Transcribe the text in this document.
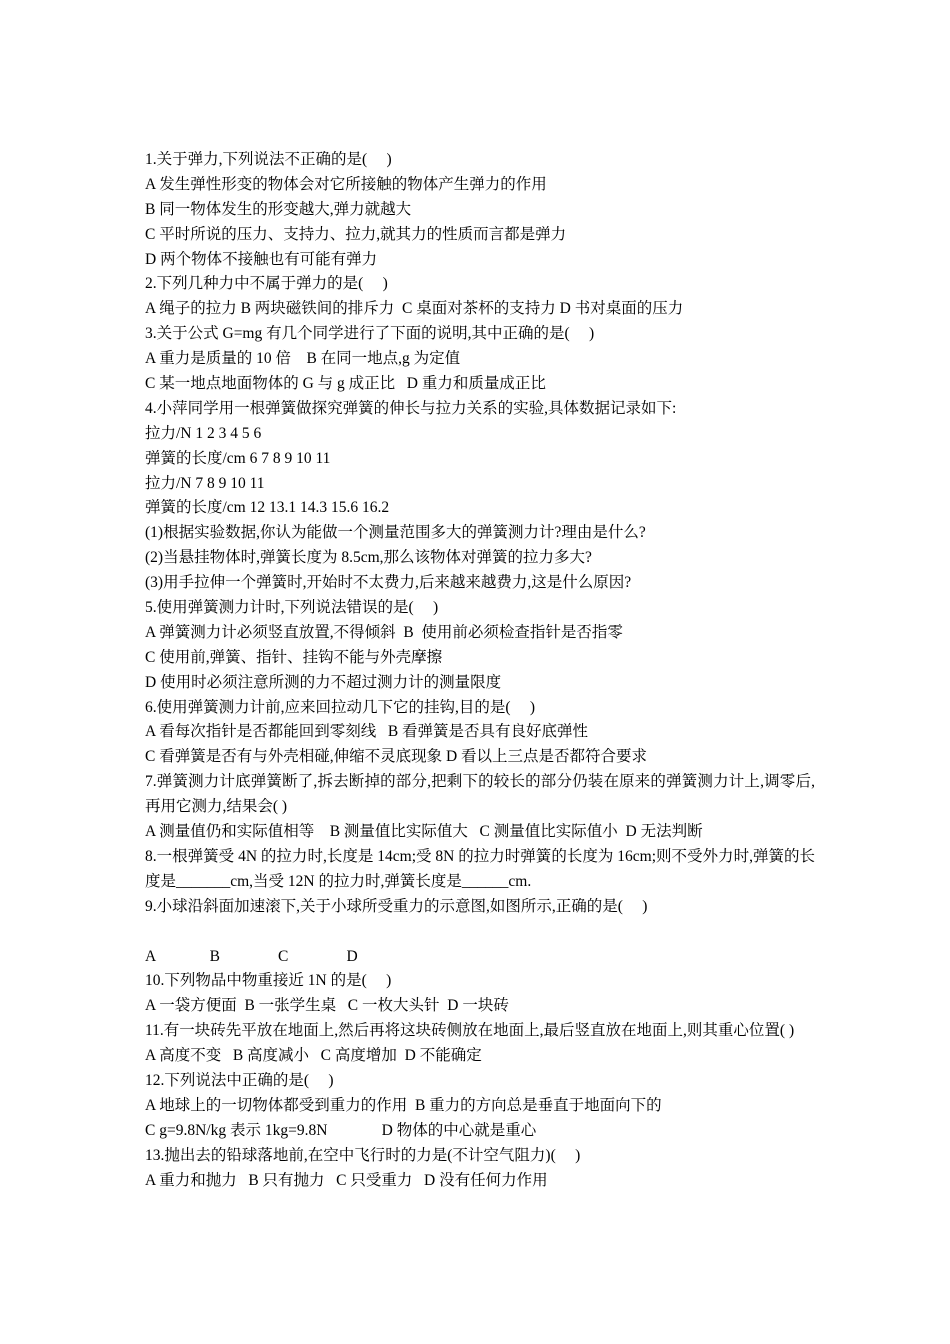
1.关于弹力,下列说法不正确的是(     )
A 发生弹性形变的物体会对它所接触的物体产生弹力的作用
B 同一物体发生的形变越大,弹力就越大
C 平时所说的压力、支持力、拉力,就其力的性质而言都是弹力
D 两个物体不接触也有可能有弹力
2.下列几种力中不属于弹力的是(     )
A 绳子的拉力 B 两块磁铁间的排斥力  C 桌面对茶杯的支持力 D 书对桌面的压力
3.关于公式 G=mg 有几个同学进行了下面的说明,其中正确的是(     )
A 重力是质量的 10 倍    B 在同一地点,g 为定值
C 某一地点地面物体的 G 与 g 成正比   D 重力和质量成正比
4.小萍同学用一根弹簧做探究弹簧的伸长与拉力关系的实验,具体数据记录如下:
拉力/N 1 2 3 4 5 6
弹簧的长度/cm 6 7 8 9 10 11
拉力/N 7 8 9 10 11
弹簧的长度/cm 12 13.1 14.3 15.6 16.2
(1)根据实验数据,你认为能做一个测量范围多大的弹簧测力计?理由是什么?
(2)当悬挂物体时,弹簧长度为 8.5cm,那么该物体对弹簧的拉力多大?
(3)用手拉伸一个弹簧时,开始时不太费力,后来越来越费力,这是什么原因?
5.使用弹簧测力计时,下列说法错误的是(     )
A 弹簧测力计必须竖直放置,不得倾斜  B  使用前必须检查指针是否指零
C 使用前,弹簧、指针、挂钩不能与外壳摩擦
D 使用时必须注意所测的力不超过测力计的测量限度
6.使用弹簧测力计前,应来回拉动几下它的挂钩,目的是(     )
A 看每次指针是否都能回到零刻线   B 看弹簧是否具有良好底弹性
C 看弹簧是否有与外壳相碰,伸缩不灵底现象 D 看以上三点是否都符合要求
7.弹簧测力计底弹簧断了,拆去断掉的部分,把剩下的较长的部分仍装在原来的弹簧测力计上,调零后,再用它测力,结果会( )
A 测量值仍和实际值相等    B 测量值比实际值大   C 测量值比实际值小  D 无法判断
8.一根弹簧受 4N 的拉力时,长度是 14cm;受 8N 的拉力时弹簧的长度为 16cm;则不受外力时,弹簧的长度是_______cm,当受 12N 的拉力时,弹簧长度是______cm.
9.小球沿斜面加速滚下,关于小球所受重力的示意图,如图所示,正确的是(     )
A              B               C               D
10.下列物品中物重接近 1N 的是(     )
A 一袋方便面  B 一张学生桌   C 一枚大头针  D 一块砖
11.有一块砖先平放在地面上,然后再将这块砖侧放在地面上,最后竖直放在地面上,则其重心位置( )
A 高度不变   B 高度减小   C 高度增加  D 不能确定
12.下列说法中正确的是(     )
A 地球上的一切物体都受到重力的作用  B 重力的方向总是垂直于地面向下的
C g=9.8N/kg 表示 1kg=9.8N              D 物体的中心就是重心
13.抛出去的铅球落地前,在空中飞行时的力是(不计空气阻力)(     )
A 重力和抛力   B 只有抛力   C 只受重力   D 没有任何力作用
